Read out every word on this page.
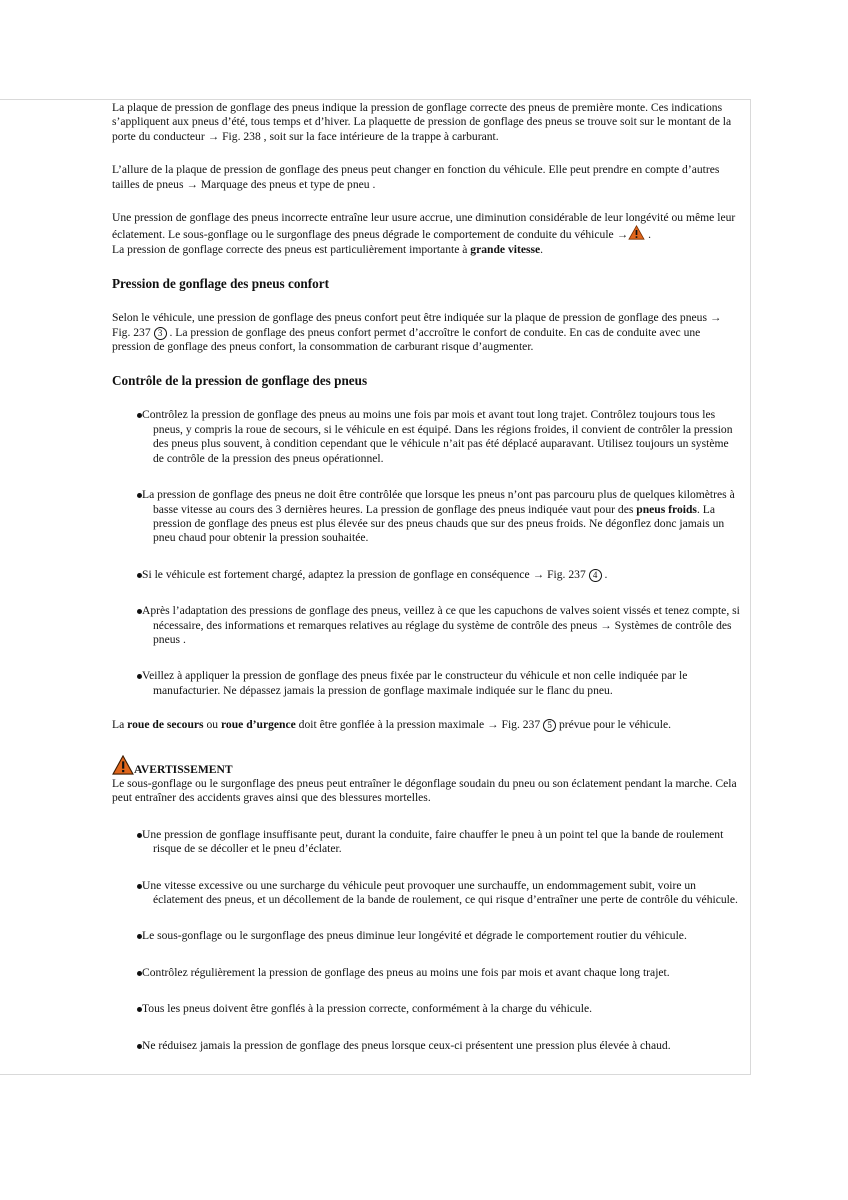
La plaque de pression de gonflage des pneus indique la pression de gonflage correcte des pneus de première monte. Ces indications s’appliquent aux pneus d’été, tous temps et d’hiver. La plaquette de pression de gonflage des pneus se trouve soit sur le montant de la porte du conducteur → Fig. 238 , soit sur la face intérieure de la trappe à carburant.

L’allure de la plaque de pression de gonflage des pneus peut changer en fonction du véhicule. Elle peut prendre en compte d’autres tailles de pneus → Marquage des pneus et type de pneu .

Une pression de gonflage des pneus incorrecte entraîne leur usure accrue, une diminution considérable de leur longévité ou même leur éclatement. Le sous-gonflage ou le surgonflage des pneus dégrade le comportement de conduite du véhicule → .
La pression de gonflage correcte des pneus est particulièrement importante à grande vitesse.

Pression de gonflage des pneus confort

Selon le véhicule, une pression de gonflage des pneus confort peut être indiquée sur la plaque de pression de gonflage des pneus → Fig. 237 3 . La pression de gonflage des pneus confort permet d’accroître le confort de conduite. En cas de conduite avec une pression de gonflage des pneus confort, la consommation de carburant risque d’augmenter.

Contrôle de la pression de gonflage des pneus
Contrôlez la pression de gonflage des pneus au moins une fois par mois et avant tout long trajet. Contrôlez toujours tous les pneus, y compris la roue de secours, si le véhicule en est équipé. Dans les régions froides, il convient de contrôler la pression des pneus plus souvent, à condition cependant que le véhicule n’ait pas été déplacé auparavant. Utilisez toujours un système de contrôle de la pression des pneus opérationnel.
La pression de gonflage des pneus ne doit être contrôlée que lorsque les pneus n’ont pas parcouru plus de quelques kilomètres à basse vitesse au cours des 3 dernières heures. La pression de gonflage des pneus indiquée vaut pour des pneus froids. La pression de gonflage des pneus est plus élevée sur des pneus chauds que sur des pneus froids. Ne dégonflez donc jamais un pneu chaud pour obtenir la pression souhaitée.
Si le véhicule est fortement chargé, adaptez la pression de gonflage en conséquence → Fig. 237 4 .
Après l’adaptation des pressions de gonflage des pneus, veillez à ce que les capuchons de valves soient vissés et tenez compte, si nécessaire, des informations et remarques relatives au réglage du système de contrôle des pneus → Systèmes de contrôle des pneus .
Veillez à appliquer la pression de gonflage des pneus fixée par le constructeur du véhicule et non celle indiquée par le manufacturier. Ne dépassez jamais la pression de gonflage maximale indiquée sur le flanc du pneu.

La roue de secours ou roue d’urgence doit être gonflée à la pression maximale → Fig. 237 5 prévue pour le véhicule.

AVERTISSEMENT

Le sous-gonflage ou le surgonflage des pneus peut entraîner le dégonflage soudain du pneu ou son éclatement pendant la marche. Cela peut entraîner des accidents graves ainsi que des blessures mortelles.

Une pression de gonflage insuffisante peut, durant la conduite, faire chauffer le pneu à un point tel que la bande de roulement risque de se décoller et le pneu d’éclater.
Une vitesse excessive ou une surcharge du véhicule peut provoquer une surchauffe, un endommagement subit, voire un éclatement des pneus, et un décollement de la bande de roulement, ce qui risque d’entraîner une perte de contrôle du véhicule.
Le sous-gonflage ou le surgonflage des pneus diminue leur longévité et dégrade le comportement routier du véhicule.
Contrôlez régulièrement la pression de gonflage des pneus au moins une fois par mois et avant chaque long trajet.
Tous les pneus doivent être gonflés à la pression correcte, conformément à la charge du véhicule.
Ne réduisez jamais la pression de gonflage des pneus lorsque ceux-ci présentent une pression plus élevée à chaud.
